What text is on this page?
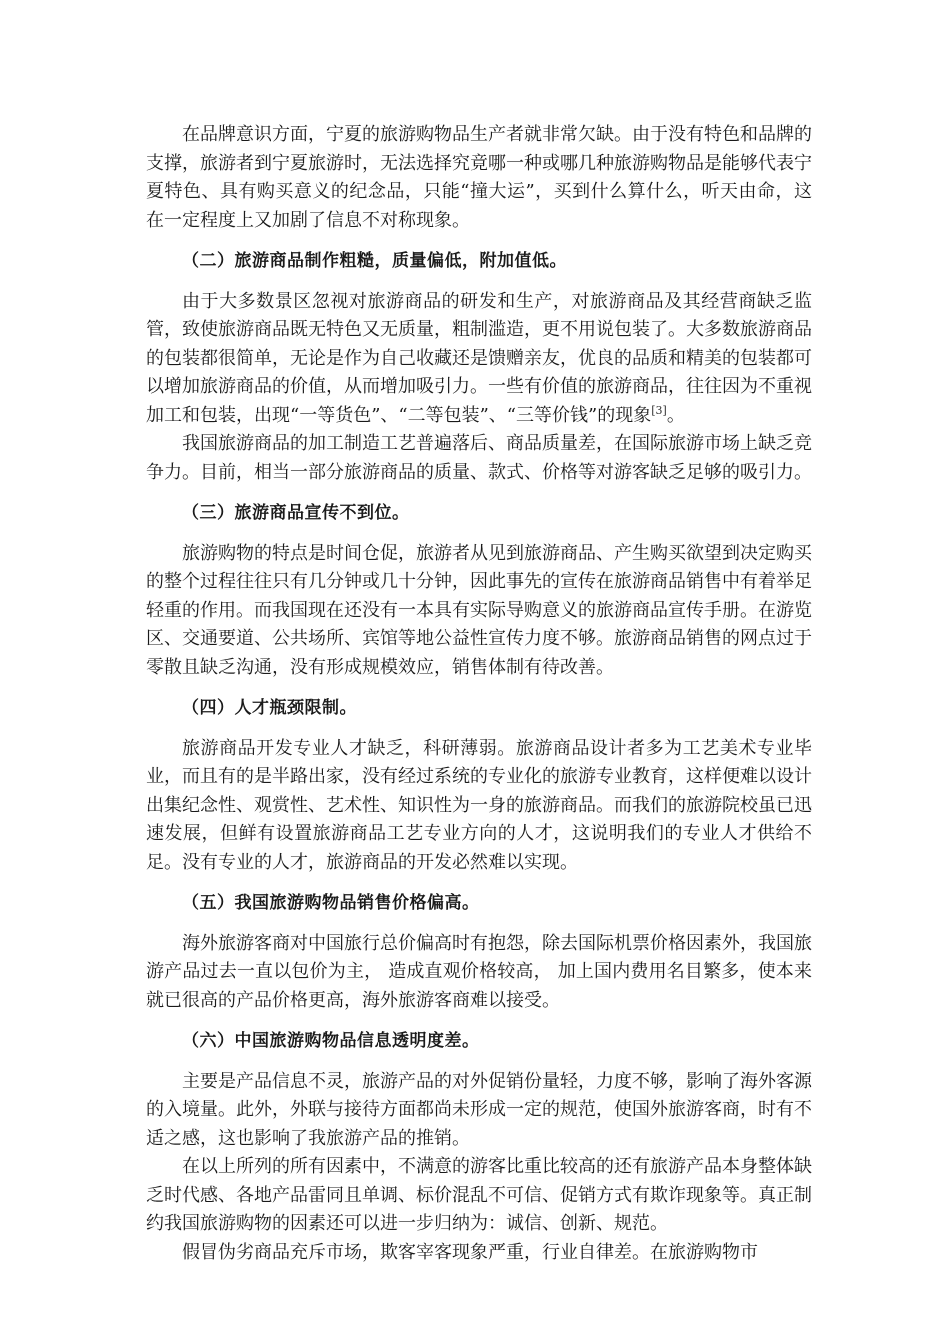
在品牌意识方面，宁夏的旅游购物品生产者就非常欠缺。由于没有特色和品牌的支撑，旅游者到宁夏旅游时，无法选择究竟哪一种或哪几种旅游购物品是能够代表宁夏特色、具有购买意义的纪念品，只能“撞大运”，买到什么算什么，听天由命，这在一定程度上又加剧了信息不对称现象。

（二）旅游商品制作粗糙，质量偏低，附加值低。

由于大多数景区忽视对旅游商品的研发和生产，对旅游商品及其经营商缺乏监管，致使旅游商品既无特色又无质量，粗制滥造，更不用说包装了。大多数旅游商品的包装都很简单，无论是作为自己收藏还是馈赠亲友，优良的品质和精美的包装都可以增加旅游商品的价值，从而增加吸引力。一些有价值的旅游商品，往往因为不重视加工和包装，出现“一等货色”、“二等包装”、“三等价钱”的现象[3]。

我国旅游商品的加工制造工艺普遍落后、商品质量差，在国际旅游市场上缺乏竞争力。目前，相当一部分旅游商品的质量、款式、价格等对游客缺乏足够的吸引力。

（三）旅游商品宣传不到位。

旅游购物的特点是时间仓促，旅游者从见到旅游商品、产生购买欲望到决定购买的整个过程往往只有几分钟或几十分钟，因此事先的宣传在旅游商品销售中有着举足轻重的作用。而我国现在还没有一本具有实际导购意义的旅游商品宣传手册。在游览区、交通要道、公共场所、宾馆等地公益性宣传力度不够。旅游商品销售的网点过于零散且缺乏沟通，没有形成规模效应，销售体制有待改善。

（四）人才瓶颈限制。

旅游商品开发专业人才缺乏，科研薄弱。旅游商品设计者多为工艺美术专业毕业，而且有的是半路出家，没有经过系统的专业化的旅游专业教育，这样便难以设计出集纪念性、观赏性、艺术性、知识性为一身的旅游商品。而我们的旅游院校虽已迅速发展，但鲜有设置旅游商品工艺专业方向的人才，这说明我们的专业人才供给不足。没有专业的人才，旅游商品的开发必然难以实现。

（五）我国旅游购物品销售价格偏高。

海外旅游客商对中国旅行总价偏高时有抱怨，除去国际机票价格因素外，我国旅游产品过去一直以包价为主， 造成直观价格较高， 加上国内费用名目繁多，使本来就已很高的产品价格更高，海外旅游客商难以接受。

（六）中国旅游购物品信息透明度差。

主要是产品信息不灵，旅游产品的对外促销份量轻，力度不够，影响了海外客源的入境量。此外，外联与接待方面都尚未形成一定的规范，使国外旅游客商，时有不适之感，这也影响了我旅游产品的推销。

在以上所列的所有因素中，不满意的游客比重比较高的还有旅游产品本身整体缺乏时代感、各地产品雷同且单调、标价混乱不可信、促销方式有欺诈现象等。真正制约我国旅游购物的因素还可以进一步归纳为：诚信、创新、规范。

假冒伪劣商品充斥市场，欺客宰客现象严重，行业自律差。在旅游购物市
